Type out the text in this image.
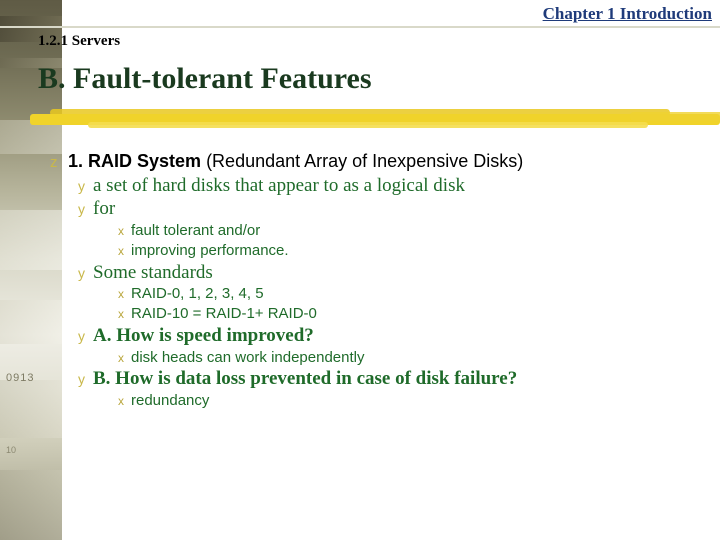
0913
10
Chapter 1 Introduction
1.2.1 Servers
B. Fault-tolerant Features
z 1. RAID System (Redundant Array of Inexpensive Disks)
y a set of hard disks that appear to as a logical disk
y for
x fault tolerant and/or
x improving performance.
y Some standards
x RAID-0, 1, 2, 3, 4, 5
x RAID-10 = RAID-1+ RAID-0
y A. How is speed improved?
x disk heads can work independently
y B. How is data loss prevented in case of disk failure?
x redundancy
